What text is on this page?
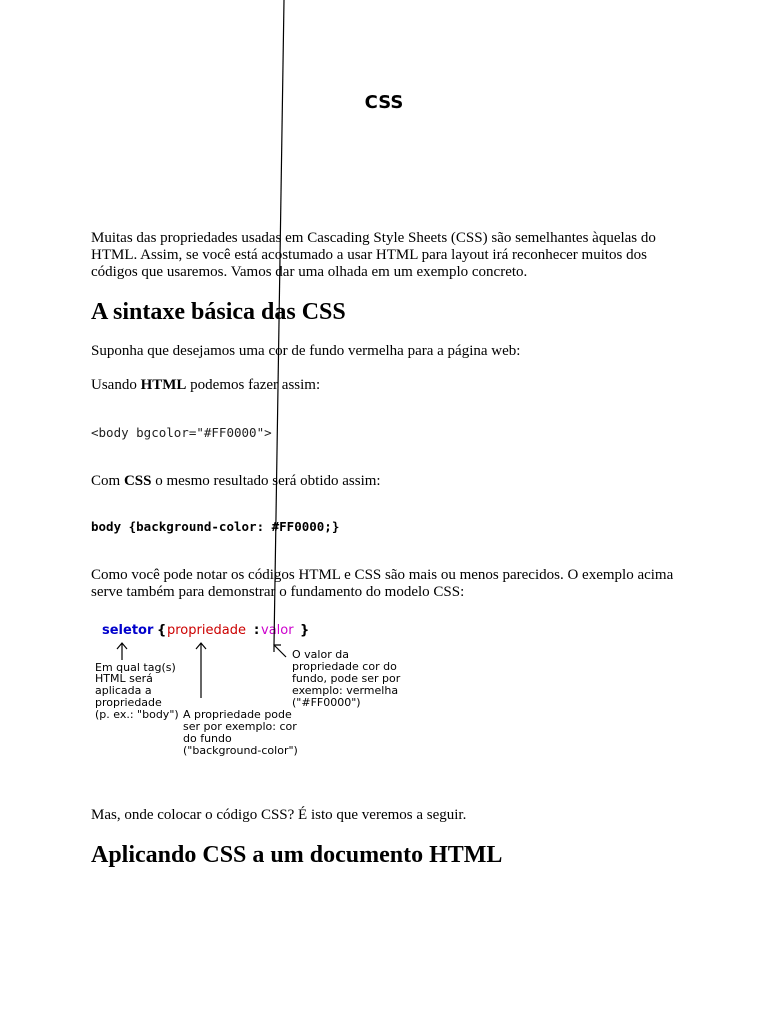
CSS

Muitas das propriedades usadas em Cascading Style Sheets (CSS) são semelhantes àquelas do HTML. Assim, se você está acostumado a usar HTML para layout irá reconhecer muitos dos códigos que usaremos. Vamos dar uma olhada em um exemplo concreto.

A sintaxe básica das CSS

Suponha que desejamos uma cor de fundo vermelha para a página web:

Usando HTML podemos fazer assim:

<body bgcolor="#FF0000">

Com CSS o mesmo resultado será obtido assim:

body {background-color: #FF0000;}

Como você pode notar os códigos HTML e CSS são mais ou menos parecidos. O exemplo acima serve também para demonstrar o fundamento do modelo CSS:

seletor { propriedade : valor }
Em qual tag(s)
HTML será
aplicada a
propriedade
(p. ex.: "body") A propriedade pode
ser por exemplo: cor
do fundo
("background-color")
O valor da
propriedade cor do
fundo, pode ser por
exemplo: vermelha
("#FF0000")

Mas, onde colocar o código CSS? É isto que veremos a seguir.

Aplicando CSS a um documento HTML
